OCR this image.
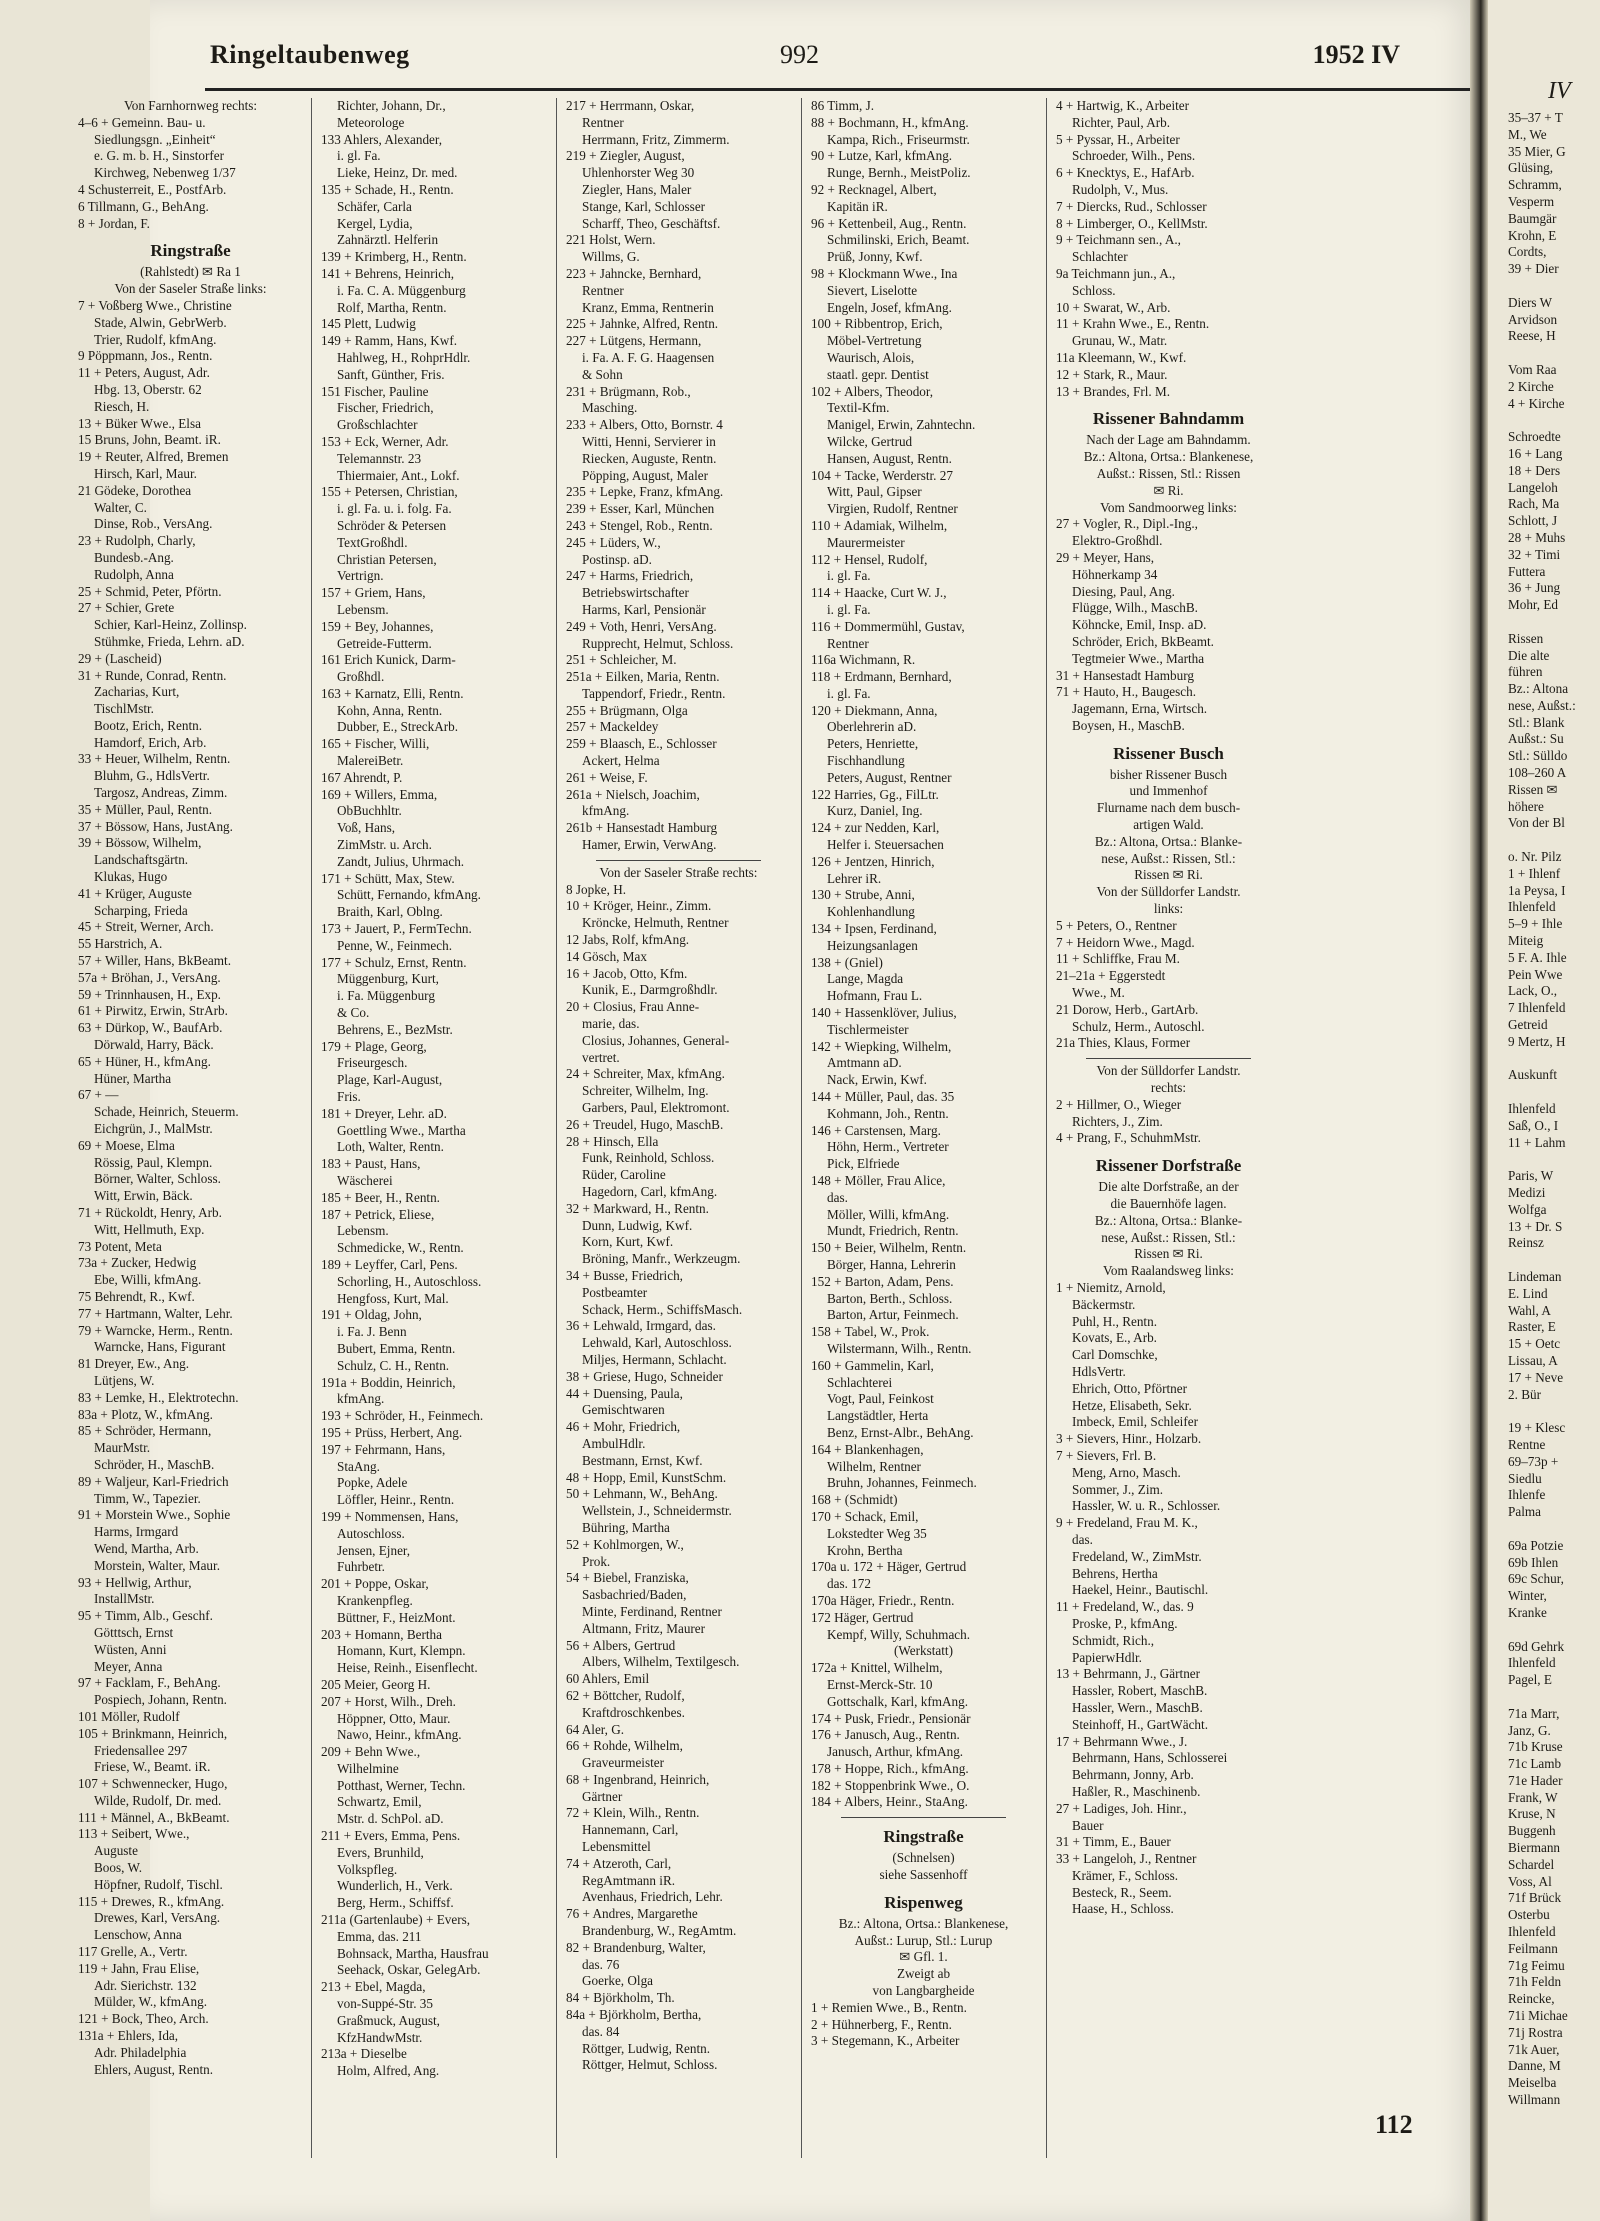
Ringeltaubenweg	992	1952 IV
IV
35–37 + T
M., We
35 Mier, G
Glüsing,
Schramm,
Vesperm
Baumgär
Krohn, E
Cordts,
39 + Dier

Diers W
Arvidson
Reese, H

Vom Raa
2 Kirche
4 + Kirche

Schroedte
16 + Lang
18 + Ders
Langeloh
Rach, Ma
Schlott, J
28 + Muhs
32 + Timi
Futtera
36 + Jung
Mohr, Ed

Rissen
Die alte
führen
Bz.: Altona
nese, Außst.:
Stl.: Blank
Außst.: Su
Stl.: Sülldo
108–260 A
Rissen ✉
höhere
Von der Bl

o. Nr. Pilz
1 + Ihlenf
1a Peysa, I
Ihlenfeld
5–9 + Ihle
Miteig
5 F. A. Ihle
Pein Wwe
Lack, O.,
7 Ihlenfeld
Getreid
9 Mertz, H

Auskunft

Ihlenfeld
Saß, O., I
11 + Lahm

Paris, W
Medizi
Wolfga
13 + Dr. S
Reinsz

Lindeman
E. Lind
Wahl, A
Raster, E
15 + Oetc
Lissau, A
17 + Neve
2. Bür

19 + Klesc
Rentne
69–73p +
Siedlu
Ihlenfe
Palma

69a Potzie
69b Ihlen
69c Schur,
Winter,
Kranke

69d Gehrk
Ihlenfeld
Pagel, E

71a Marr,
Janz, G.
71b Kruse
71c Lamb
71e Hader
Frank, W
Kruse, N
Buggenh
Biermann
Schardel
Voss, Al
71f Brück
Osterbu
Ihlenfeld
Feilmann
71g Feimu
71h Feldn
Reincke,
71i Michae
71j Rostra
71k Auer,
Danne, M
Meiselba
Willmann
112
Von Farnhornweg rechts:
4–6 + Gemeinn. Bau- u.
Siedlungsgn. „Einheit“
e. G. m. b. H., Sinstorfer
Kirchweg, Nebenweg 1/37
4 Schusterreit, E., PostfArb.
6 Tillmann, G., BehAng.
8 + Jordan, F.
Ringstraße
(Rahlstedt) ✉ Ra 1
Von der Saseler Straße links:
7 + Voßberg Wwe., Christine
Stade, Alwin, GebrWerb.
Trier, Rudolf, kfmAng.
9 Pöppmann, Jos., Rentn.
11 + Peters, August, Adr.
Hbg. 13, Oberstr. 62
Riesch, H.
13 + Büker Wwe., Elsa
15 Bruns, John, Beamt. iR.
19 + Reuter, Alfred, Bremen
Hirsch, Karl, Maur.
21 Gödeke, Dorothea
Walter, C.
Dinse, Rob., VersAng.
23 + Rudolph, Charly,
Bundesb.-Ang.
Rudolph, Anna
25 + Schmid, Peter, Pförtn.
27 + Schier, Grete
Schier, Karl-Heinz, Zollinsp.
Stühmke, Frieda, Lehrn. aD.
29 + (Lascheid)
31 + Runde, Conrad, Rentn.
Zacharias, Kurt,
TischlMstr.
Bootz, Erich, Rentn.
Hamdorf, Erich, Arb.
33 + Heuer, Wilhelm, Rentn.
Bluhm, G., HdlsVertr.
Targosz, Andreas, Zimm.
35 + Müller, Paul, Rentn.
37 + Bössow, Hans, JustAng.
39 + Bössow, Wilhelm,
Landschaftsgärtn.
Klukas, Hugo
41 + Krüger, Auguste
Scharping, Frieda
45 + Streit, Werner, Arch.
55 Harstrich, A.
57 + Willer, Hans, BkBeamt.
57a + Bröhan, J., VersAng.
59 + Trinnhausen, H., Exp.
61 + Pirwitz, Erwin, StrArb.
63 + Dürkop, W., BaufArb.
Dörwald, Harry, Bäck.
65 + Hüner, H., kfmAng.
Hüner, Martha
67 + —
Schade, Heinrich, Steuerm.
Eichgrün, J., MalMstr.
69 + Moese, Elma
Rössig, Paul, Klempn.
Börner, Walter, Schloss.
Witt, Erwin, Bäck.
71 + Rückoldt, Henry, Arb.
Witt, Hellmuth, Exp.
73 Potent, Meta
73a + Zucker, Hedwig
Ebe, Willi, kfmAng.
75 Behrendt, R., Kwf.
77 + Hartmann, Walter, Lehr.
79 + Warncke, Herm., Rentn.
Warncke, Hans, Figurant
81 Dreyer, Ew., Ang.
Lütjens, W.
83 + Lemke, H., Elektrotechn.
83a + Plotz, W., kfmAng.
85 + Schröder, Hermann,
MaurMstr.
Schröder, H., MaschB.
89 + Waljeur, Karl-Friedrich
Timm, W., Tapezier.
91 + Morstein Wwe., Sophie
Harms, Irmgard
Wend, Martha, Arb.
Morstein, Walter, Maur.
93 + Hellwig, Arthur,
InstallMstr.
95 + Timm, Alb., Geschf.
Götttsch, Ernst
Wüsten, Anni
Meyer, Anna
97 + Facklam, F., BehAng.
Pospiech, Johann, Rentn.
101 Möller, Rudolf
105 + Brinkmann, Heinrich,
Friedensallee 297
Friese, W., Beamt. iR.
107 + Schwennecker, Hugo,
Wilde, Rudolf, Dr. med.
111 + Männel, A., BkBeamt.
113 + Seibert, Wwe.,
Auguste
Boos, W.
Höpfner, Rudolf, Tischl.
115 + Drewes, R., kfmAng.
Drewes, Karl, VersAng.
Lenschow, Anna
117 Grelle, A., Vertr.
119 + Jahn, Frau Elise,
Adr. Sierichstr. 132
Mülder, W., kfmAng.
121 + Bock, Theo, Arch.
131a + Ehlers, Ida,
Adr. Philadelphia
Ehlers, August, Rentn.
Richter, Johann, Dr.,
Meteorologe
133 Ahlers, Alexander,
i. gl. Fa.
Lieke, Heinz, Dr. med.
135 + Schade, H., Rentn.
Schäfer, Carla
Kergel, Lydia,
Zahnärztl. Helferin
139 + Krimberg, H., Rentn.
141 + Behrens, Heinrich,
i. Fa. C. A. Müggenburg
Rolf, Martha, Rentn.
145 Plett, Ludwig
149 + Ramm, Hans, Kwf.
Hahlweg, H., RohprHdlr.
Sanft, Günther, Fris.
151 Fischer, Pauline
Fischer, Friedrich,
Großschlachter
153 + Eck, Werner, Adr.
Telemannstr. 23
Thiermaier, Ant., Lokf.
155 + Petersen, Christian,
i. gl. Fa. u. i. folg. Fa.
Schröder & Petersen
TextGroßhdl.
Christian Petersen,
Vertrign.
157 + Griem, Hans,
Lebensm.
159 + Bey, Johannes,
Getreide-Futterm.
161 Erich Kunick, Darm-
Großhdl.
163 + Karnatz, Elli, Rentn.
Kohn, Anna, Rentn.
Dubber, E., StreckArb.
165 + Fischer, Willi,
MalereiBetr.
167 Ahrendt, P.
169 + Willers, Emma,
ObBuchhltr.
Voß, Hans,
ZimMstr. u. Arch.
Zandt, Julius, Uhrmach.
171 + Schütt, Max, Stew.
Schütt, Fernando, kfmAng.
Braith, Karl, Oblng.
173 + Jauert, P., FermTechn.
Penne, W., Feinmech.
177 + Schulz, Ernst, Rentn.
Müggenburg, Kurt,
i. Fa. Müggenburg
& Co.
Behrens, E., BezMstr.
179 + Plage, Georg,
Friseurgesch.
Plage, Karl-August,
Fris.
181 + Dreyer, Lehr. aD.
Goettling Wwe., Martha
Loth, Walter, Rentn.
183 + Paust, Hans,
Wäscherei
185 + Beer, H., Rentn.
187 + Petrick, Eliese,
Lebensm.
Schmedicke, W., Rentn.
189 + Leyffer, Carl, Pens.
Schorling, H., Autoschloss.
Hengfoss, Kurt, Mal.
191 + Oldag, John,
i. Fa. J. Benn
Bubert, Emma, Rentn.
Schulz, C. H., Rentn.
191a + Boddin, Heinrich,
kfmAng.
193 + Schröder, H., Feinmech.
195 + Prüss, Herbert, Ang.
197 + Fehrmann, Hans,
StaAng.
Popke, Adele
Löffler, Heinr., Rentn.
199 + Nommensen, Hans,
Autoschloss.
Jensen, Ejner,
Fuhrbetr.
201 + Poppe, Oskar,
Krankenpfleg.
Büttner, F., HeizMont.
203 + Homann, Bertha
Homann, Kurt, Klempn.
Heise, Reinh., Eisenflecht.
205 Meier, Georg H.
207 + Horst, Wilh., Dreh.
Höppner, Otto, Maur.
Nawo, Heinr., kfmAng.
209 + Behn Wwe.,
Wilhelmine
Potthast, Werner, Techn.
Schwartz, Emil,
Mstr. d. SchPol. aD.
211 + Evers, Emma, Pens.
Evers, Brunhild,
Volkspfleg.
Wunderlich, H., Verk.
Berg, Herm., Schiffsf.
211a (Gartenlaube) + Evers,
Emma, das. 211
Bohnsack, Martha, Hausfrau
Seehack, Oskar, GelegArb.
213 + Ebel, Magda,
von-Suppé-Str. 35
Graßmuck, August,
KfzHandwMstr.
213a + Dieselbe
Holm, Alfred, Ang.
217 + Herrmann, Oskar,
Rentner
Herrmann, Fritz, Zimmerm.
219 + Ziegler, August,
Uhlenhorster Weg 30
Ziegler, Hans, Maler
Stange, Karl, Schlosser
Scharff, Theo, Geschäftsf.
221 Holst, Wern.
Willms, G.
223 + Jahncke, Bernhard,
Rentner
Kranz, Emma, Rentnerin
225 + Jahnke, Alfred, Rentn.
227 + Lütgens, Hermann,
i. Fa. A. F. G. Haagensen
& Sohn
231 + Brügmann, Rob.,
Masching.
233 + Albers, Otto, Bornstr. 4
Witti, Henni, Servierer in
Riecken, Auguste, Rentn.
Pöpping, August, Maler
235 + Lepke, Franz, kfmAng.
239 + Esser, Karl, München
243 + Stengel, Rob., Rentn.
245 + Lüders, W.,
Postinsp. aD.
247 + Harms, Friedrich,
Betriebswirtschafter
Harms, Karl, Pensionär
249 + Voth, Henri, VersAng.
Rupprecht, Helmut, Schloss.
251 + Schleicher, M.
251a + Eilken, Maria, Rentn.
Tappendorf, Friedr., Rentn.
255 + Brügmann, Olga
257 + Mackeldey
259 + Blaasch, E., Schlosser
Ackert, Helma
261 + Weise, F.
261a + Nielsch, Joachim,
kfmAng.
261b + Hansestadt Hamburg
Hamer, Erwin, VerwAng.
Von der Saseler Straße rechts:
8 Jopke, H.
10 + Kröger, Heinr., Zimm.
Kröncke, Helmuth, Rentner
12 Jabs, Rolf, kfmAng.
14 Gösch, Max
16 + Jacob, Otto, Kfm.
Kunik, E., Darmgroßhdlr.
20 + Closius, Frau Anne-
marie, das.
Closius, Johannes, General-
vertret.
24 + Schreiter, Max, kfmAng.
Schreiter, Wilhelm, Ing.
Garbers, Paul, Elektromont.
26 + Treudel, Hugo, MaschB.
28 + Hinsch, Ella
Funk, Reinhold, Schloss.
Rüder, Caroline
Hagedorn, Carl, kfmAng.
32 + Markward, H., Rentn.
Dunn, Ludwig, Kwf.
Korn, Kurt, Kwf.
Bröning, Manfr., Werkzeugm.
34 + Busse, Friedrich,
Postbeamter
Schack, Herm., SchiffsMasch.
36 + Lehwald, Irmgard, das.
Lehwald, Karl, Autoschloss.
Miljes, Hermann, Schlacht.
38 + Griese, Hugo, Schneider
44 + Duensing, Paula,
Gemischtwaren
46 + Mohr, Friedrich,
AmbulHdlr.
Bestmann, Ernst, Kwf.
48 + Hopp, Emil, KunstSchm.
50 + Lehmann, W., BehAng.
Wellstein, J., Schneidermstr.
Bühring, Martha
52 + Kohlmorgen, W.,
Prok.
54 + Biebel, Franziska,
Sasbachried/Baden,
Minte, Ferdinand, Rentner
Altmann, Fritz, Maurer
56 + Albers, Gertrud
Albers, Wilhelm, Textilgesch.
60 Ahlers, Emil
62 + Böttcher, Rudolf,
Kraftdroschkenbes.
64 Aler, G.
66 + Rohde, Wilhelm,
Graveurmeister
68 + Ingenbrand, Heinrich,
Gärtner
72 + Klein, Wilh., Rentn.
Hannemann, Carl,
Lebensmittel
74 + Atzeroth, Carl,
RegAmtmann iR.
Avenhaus, Friedrich, Lehr.
76 + Andres, Margarethe
Brandenburg, W., RegAmtm.
82 + Brandenburg, Walter,
das. 76
Goerke, Olga
84 + Björkholm, Th.
84a + Björkholm, Bertha,
das. 84
Röttger, Ludwig, Rentn.
Röttger, Helmut, Schloss.
86 Timm, J.
88 + Bochmann, H., kfmAng.
Kampa, Rich., Friseurmstr.
90 + Lutze, Karl, kfmAng.
Runge, Bernh., MeistPoliz.
92 + Recknagel, Albert,
Kapitän iR.
96 + Kettenbeil, Aug., Rentn.
Schmilinski, Erich, Beamt.
Prüß, Jonny, Kwf.
98 + Klockmann Wwe., Ina
Sievert, Liselotte
Engeln, Josef, kfmAng.
100 + Ribbentrop, Erich,
Möbel-Vertretung
Waurisch, Alois,
staatl. gepr. Dentist
102 + Albers, Theodor,
Textil-Kfm.
Manigel, Erwin, Zahntechn.
Wilcke, Gertrud
Hansen, August, Rentn.
104 + Tacke, Werderstr. 27
Witt, Paul, Gipser
Virgien, Rudolf, Rentner
110 + Adamiak, Wilhelm,
Maurermeister
112 + Hensel, Rudolf,
i. gl. Fa.
114 + Haacke, Curt W. J.,
i. gl. Fa.
116 + Dommermühl, Gustav,
Rentner
116a Wichmann, R.
118 + Erdmann, Bernhard,
i. gl. Fa.
120 + Diekmann, Anna,
Oberlehrerin aD.
Peters, Henriette,
Fischhandlung
Peters, August, Rentner
122 Harries, Gg., FilLtr.
Kurz, Daniel, Ing.
124 + zur Nedden, Karl,
Helfer i. Steuersachen
126 + Jentzen, Hinrich,
Lehrer iR.
130 + Strube, Anni,
Kohlenhandlung
134 + Ipsen, Ferdinand,
Heizungsanlagen
138 + (Gniel)
Lange, Magda
Hofmann, Frau L.
140 + Hassenklöver, Julius,
Tischlermeister
142 + Wiepking, Wilhelm,
Amtmann aD.
Nack, Erwin, Kwf.
144 + Müller, Paul, das. 35
Kohmann, Joh., Rentn.
146 + Carstensen, Marg.
Höhn, Herm., Vertreter
Pick, Elfriede
148 + Möller, Frau Alice,
das.
Möller, Willi, kfmAng.
Mundt, Friedrich, Rentn.
150 + Beier, Wilhelm, Rentn.
Börger, Hanna, Lehrerin
152 + Barton, Adam, Pens.
Barton, Berth., Schloss.
Barton, Artur, Feinmech.
158 + Tabel, W., Prok.
Wilstermann, Wilh., Rentn.
160 + Gammelin, Karl,
Schlachterei
Vogt, Paul, Feinkost
Langstädtler, Herta
Benz, Ernst-Albr., BehAng.
164 + Blankenhagen,
Wilhelm, Rentner
Bruhn, Johannes, Feinmech.
168 + (Schmidt)
170 + Schack, Emil,
Lokstedter Weg 35
Krohn, Bertha
170a u. 172 + Häger, Gertrud
das. 172
170a Häger, Friedr., Rentn.
172 Häger, Gertrud
Kempf, Willy, Schuhmach.
(Werkstatt)
172a + Knittel, Wilhelm,
Ernst-Merck-Str. 10
Gottschalk, Karl, kfmAng.
174 + Pusk, Friedr., Pensionär
176 + Janusch, Aug., Rentn.
Janusch, Arthur, kfmAng.
178 + Hoppe, Rich., kfmAng.
182 + Stoppenbrink Wwe., O.
184 + Albers, Heinr., StaAng.
Ringstraße
(Schnelsen)
siehe Sassenhoff
Rispenweg
Bz.: Altona, Ortsa.: Blankenese,
Außst.: Lurup, Stl.: Lurup
✉ Gfl. 1.
Zweigt ab
von Langbargheide
1 + Remien Wwe., B., Rentn.
2 + Hühnerberg, F., Rentn.
3 + Stegemann, K., Arbeiter
4 + Hartwig, K., Arbeiter
Richter, Paul, Arb.
5 + Pyssar, H., Arbeiter
Schroeder, Wilh., Pens.
6 + Knecktys, E., HafArb.
Rudolph, V., Mus.
7 + Diercks, Rud., Schlosser
8 + Limberger, O., KellMstr.
9 + Teichmann sen., A.,
Schlachter
9a Teichmann jun., A.,
Schloss.
10 + Swarat, W., Arb.
11 + Krahn Wwe., E., Rentn.
Grunau, W., Matr.
11a Kleemann, W., Kwf.
12 + Stark, R., Maur.
13 + Brandes, Frl. M.
Rissener Bahndamm
Nach der Lage am Bahndamm.
Bz.: Altona, Ortsa.: Blankenese,
Außst.: Rissen, Stl.: Rissen
✉ Ri.
Vom Sandmoorweg links:
27 + Vogler, R., Dipl.-Ing.,
Elektro-Großhdl.
29 + Meyer, Hans,
Höhnerkamp 34
Diesing, Paul, Ang.
Flügge, Wilh., MaschB.
Köhncke, Emil, Insp. aD.
Schröder, Erich, BkBeamt.
Tegtmeier Wwe., Martha
31 + Hansestadt Hamburg
71 + Hauto, H., Baugesch.
Jagemann, Erna, Wirtsch.
Boysen, H., MaschB.
Rissener Busch
bisher Rissener Busch
und Immenhof
Flurname nach dem busch-
artigen Wald.
Bz.: Altona, Ortsa.: Blanke-
nese, Außst.: Rissen, Stl.:
Rissen ✉ Ri.
Von der Sülldorfer Landstr.
links:
5 + Peters, O., Rentner
7 + Heidorn Wwe., Magd.
11 + Schliffke, Frau M.
21–21a + Eggerstedt
Wwe., M.
21 Dorow, Herb., GartArb.
Schulz, Herm., Autoschl.
21a Thies, Klaus, Former
Von der Sülldorfer Landstr.
rechts:
2 + Hillmer, O., Wieger
Richters, J., Zim.
4 + Prang, F., SchuhmMstr.
Rissener Dorfstraße
Die alte Dorfstraße, an der
die Bauernhöfe lagen.
Bz.: Altona, Ortsa.: Blanke-
nese, Außst.: Rissen, Stl.:
Rissen ✉ Ri.
Vom Raalandsweg links:
1 + Niemitz, Arnold,
Bäckermstr.
Puhl, H., Rentn.
Kovats, E., Arb.
Carl Domschke,
HdlsVertr.
Ehrich, Otto, Pförtner
Hetze, Elisabeth, Sekr.
Imbeck, Emil, Schleifer
3 + Sievers, Hinr., Holzarb.
7 + Sievers, Frl. B.
Meng, Arno, Masch.
Sommer, J., Zim.
Hassler, W. u. R., Schlosser.
9 + Fredeland, Frau M. K.,
das.
Fredeland, W., ZimMstr.
Behrens, Hertha
Haekel, Heinr., Bautischl.
11 + Fredeland, W., das. 9
Proske, P., kfmAng.
Schmidt, Rich.,
PapierwHdlr.
13 + Behrmann, J., Gärtner
Hassler, Robert, MaschB.
Hassler, Wern., MaschB.
Steinhoff, H., GartWächt.
17 + Behrmann Wwe., J.
Behrmann, Hans, Schlosserei
Behrmann, Jonny, Arb.
Haßler, R., Maschinenb.
27 + Ladiges, Joh. Hinr.,
Bauer
31 + Timm, E., Bauer
33 + Langeloh, J., Rentner
Krämer, F., Schloss.
Besteck, R., Seem.
Haase, H., Schloss.
